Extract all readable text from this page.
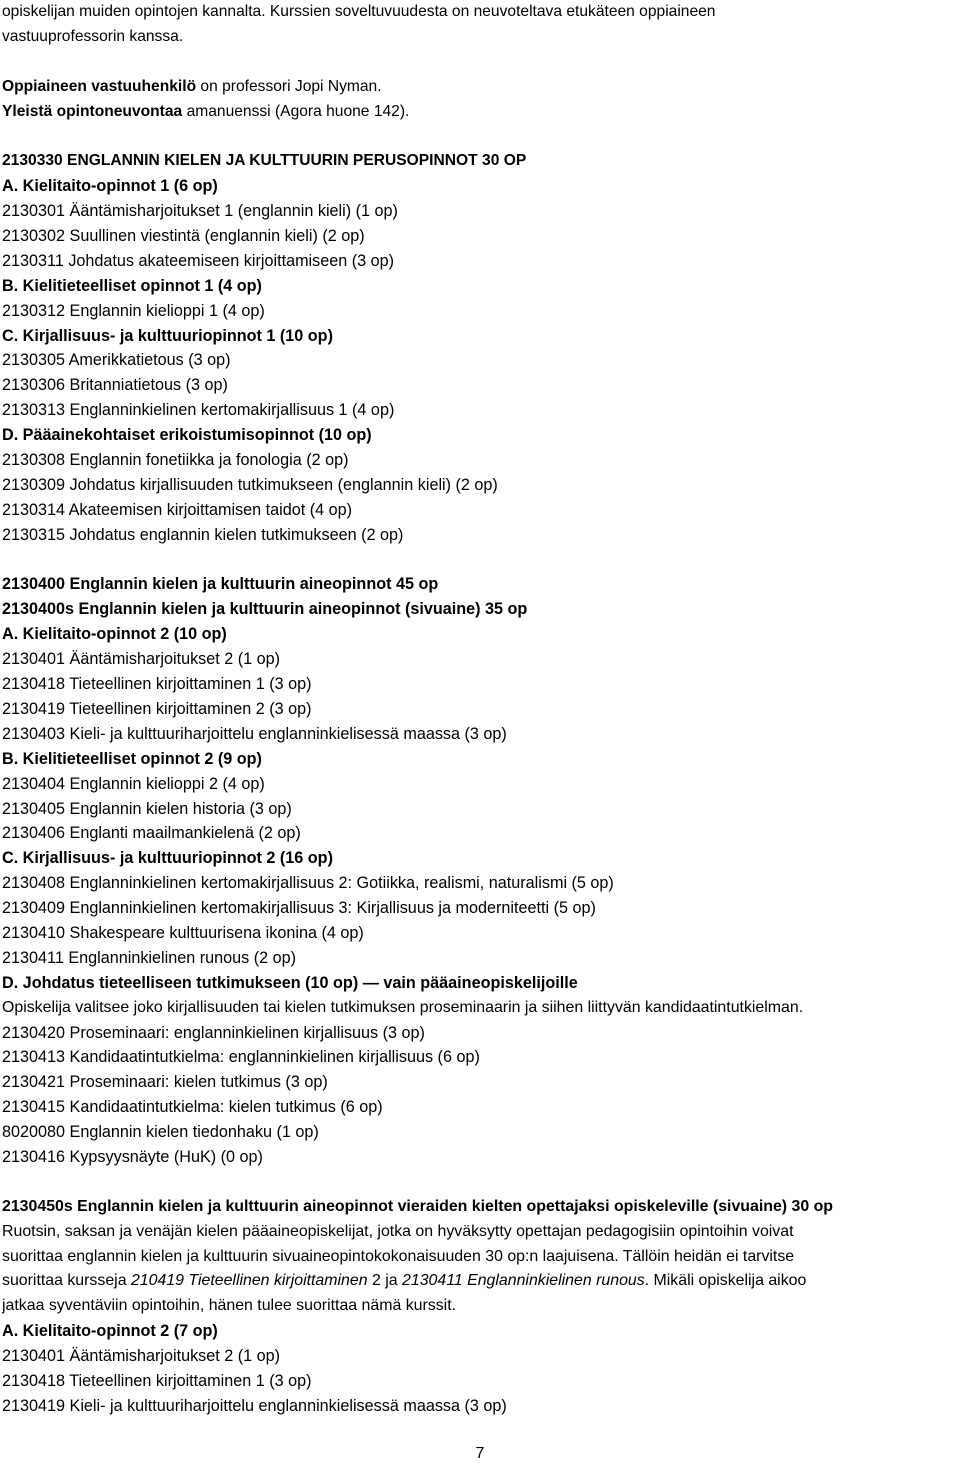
opiskelijan muiden opintojen kannalta. Kurssien soveltuvuudesta on neuvoteltava etukäteen oppiaineen
vastuuprofessorin kanssa.
Oppiaineen vastuuhenkilö on professori Jopi Nyman.
Yleistä opintoneuvontaa amanuenssi (Agora huone 142).
2130330 ENGLANNIN KIELEN JA KULTTUURIN PERUSOPINNOT 30 OP
A. Kielitaito-opinnot 1 (6 op)
2130301 Ääntämisharjoitukset 1 (englannin kieli) (1 op)
2130302 Suullinen viestintä (englannin kieli) (2 op)
2130311 Johdatus akateemiseen kirjoittamiseen (3 op)
B. Kielitieteelliset opinnot 1 (4 op)
2130312 Englannin kielioppi 1 (4 op)
C. Kirjallisuus- ja kulttuuriopinnot 1 (10 op)
2130305 Amerikkatietous (3 op)
2130306 Britanniatietous (3 op)
2130313 Englanninkielinen kertomakirjallisuus 1 (4 op)
D. Pääainekohtaiset erikoistumisopinnot (10 op)
2130308 Englannin fonetiikka ja fonologia (2 op)
2130309 Johdatus kirjallisuuden tutkimukseen (englannin kieli) (2 op)
2130314 Akateemisen kirjoittamisen taidot (4 op)
2130315 Johdatus englannin kielen tutkimukseen (2 op)
2130400 Englannin kielen ja kulttuurin aineopinnot 45 op
2130400s Englannin kielen ja kulttuurin aineopinnot (sivuaine) 35 op
A. Kielitaito-opinnot 2 (10 op)
2130401 Ääntämisharjoitukset 2 (1 op)
2130418 Tieteellinen kirjoittaminen 1 (3 op)
2130419 Tieteellinen kirjoittaminen 2 (3 op)
2130403 Kieli- ja kulttuuriharjoittelu englanninkielisessä maassa (3 op)
B. Kielitieteelliset opinnot 2 (9 op)
2130404 Englannin kielioppi 2 (4 op)
2130405 Englannin kielen historia (3 op)
2130406 Englanti maailmankielenä (2 op)
C. Kirjallisuus- ja kulttuuriopinnot 2 (16 op)
2130408 Englanninkielinen kertomakirjallisuus 2: Gotiikka, realismi, naturalismi (5 op)
2130409 Englanninkielinen kertomakirjallisuus 3: Kirjallisuus ja moderniteetti (5 op)
2130410 Shakespeare kulttuurisena ikonina (4 op)
2130411 Englanninkielinen runous (2 op)
D. Johdatus tieteelliseen tutkimukseen (10 op) — vain pääaineopiskelijoille
Opiskelija valitsee joko kirjallisuuden tai kielen tutkimuksen proseminaarin ja siihen liittyvän kandidaatintutkielman.
2130420 Proseminaari: englanninkielinen kirjallisuus (3 op)
2130413 Kandidaatintutkielma: englanninkielinen kirjallisuus (6 op)
2130421 Proseminaari: kielen tutkimus (3 op)
2130415 Kandidaatintutkielma: kielen tutkimus (6 op)
8020080 Englannin kielen tiedonhaku (1 op)
2130416 Kypsyysnäyte (HuK) (0 op)
2130450s Englannin kielen ja kulttuurin aineopinnot vieraiden kielten opettajaksi opiskeleville (sivuaine) 30 op
Ruotsin, saksan ja venäjän kielen pääaineopiskelijat, jotka on hyväksytty opettajan pedagogisiin opintoihin voivat
suorittaa englannin kielen ja kulttuurin sivuaineopintokokonaisuuden 30 op:n laajuisena. Tällöin heidän ei tarvitse
suorittaa kursseja 210419 Tieteellinen kirjoittaminen 2 ja 2130411 Englanninkielinen runous. Mikäli opiskelija aikoo
jatkaa syventäviin opintoihin, hänen tulee suorittaa nämä kurssit.
A. Kielitaito-opinnot 2 (7 op)
2130401 Ääntämisharjoitukset 2 (1 op)
2130418 Tieteellinen kirjoittaminen 1 (3 op)
2130419 Kieli- ja kulttuuriharjoittelu englanninkielisessä maassa (3 op)
7
